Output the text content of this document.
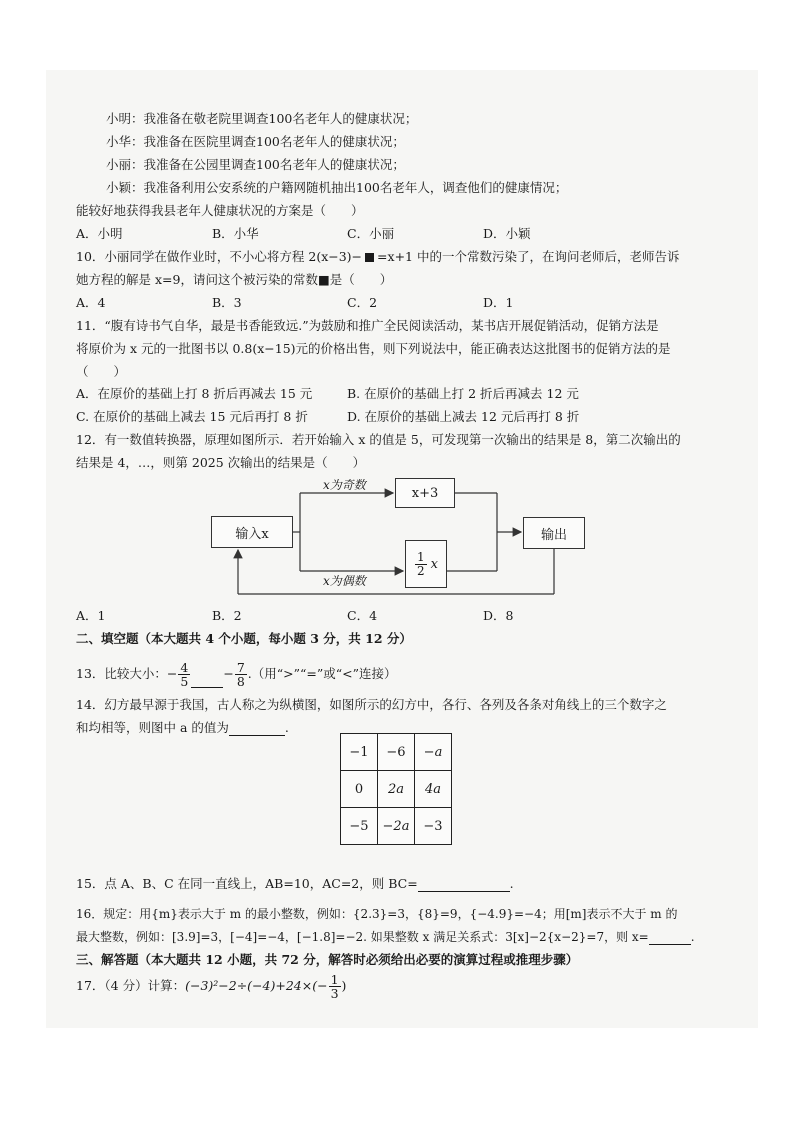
小明：我准备在敬老院里调查100名老年人的健康状况；
小华：我准备在医院里调查100名老年人的健康状况；
小丽：我准备在公园里调查100名老年人的健康状况；
小颖：我准备利用公安系统的户籍网随机抽出100名老年人，调查他们的健康情况；
能较好地获得我县老年人健康状况的方案是（　　）
A．小明	B．小华	C．小丽	D．小颖
10．小丽同学在做作业时，不小心将方程 2(x−3)− =x+1 中的一个常数污染了，在询问老师后，老师告诉
她方程的解是 x=9，请问这个被污染的常数■是（　　）
A．4	B．3	C．2	D．1
11．“腹有诗书气自华，最是书香能致远.”为鼓励和推广全民阅读活动，某书店开展促销活动，促销方法是
将原价为 x 元的一批图书以 0.8(x−15)元的价格出售，则下列说法中，能正确表达这批图书的促销方法的是
（　　）
A．在原价的基础上打 8 折后再减去 15 元	B. 在原价的基础上打 2 折后再减去 12 元
C. 在原价的基础上减去 15 元后再打 8 折	D. 在原价的基础上减去 12 元后再打 8 折
12．有一数值转换器，原理如图所示．若开始输入 x 的值是 5，可发现第一次输出的结果是 8，第二次输出的
结果是 4，…，则第 2025 次输出的结果是（　　）
输入x
x为奇数
x+3
$\frac{1}{2}$ x
x为偶数
输出
A．1	B．2	C．4	D．8
二、填空题（本大题共 4 个小题，每小题 3 分，共 12 分）
13．比较大小：− $\frac{4}{5}$	− $\frac{7}{8}$ .（用“>”“=”或“<”连接）
14．幻方最早源于我国，古人称之为纵横图，如图所示的幻方中，各行、各列及各条对角线上的三个数字之
和均相等，则图中 a 的值为	.
−1	−6	−a
0	2a	4a
−5	−2a	−3
15．点 A、B、C 在同一直线上，AB=10，AC=2，则 BC=	.
16．规定：用{m}表示大于 m 的最小整数，例如：{2.3}=3，{8}=9，{−4.9}=−4；用[m]表示不大于 m 的
最大整数，例如：[3.9]=3，[−4]=−4，[−1.8]=−2. 如果整数 x 满足关系式：3[x]−2{x−2}=7，则 x=	.
三、解答题（本大题共 12 小题，共 72 分，解答时必须给出必要的演算过程或推理步骤）
17．（4 分）计算：$(-3)^2-2\div(-4)+24\times(- \frac{1}{3}$ )
